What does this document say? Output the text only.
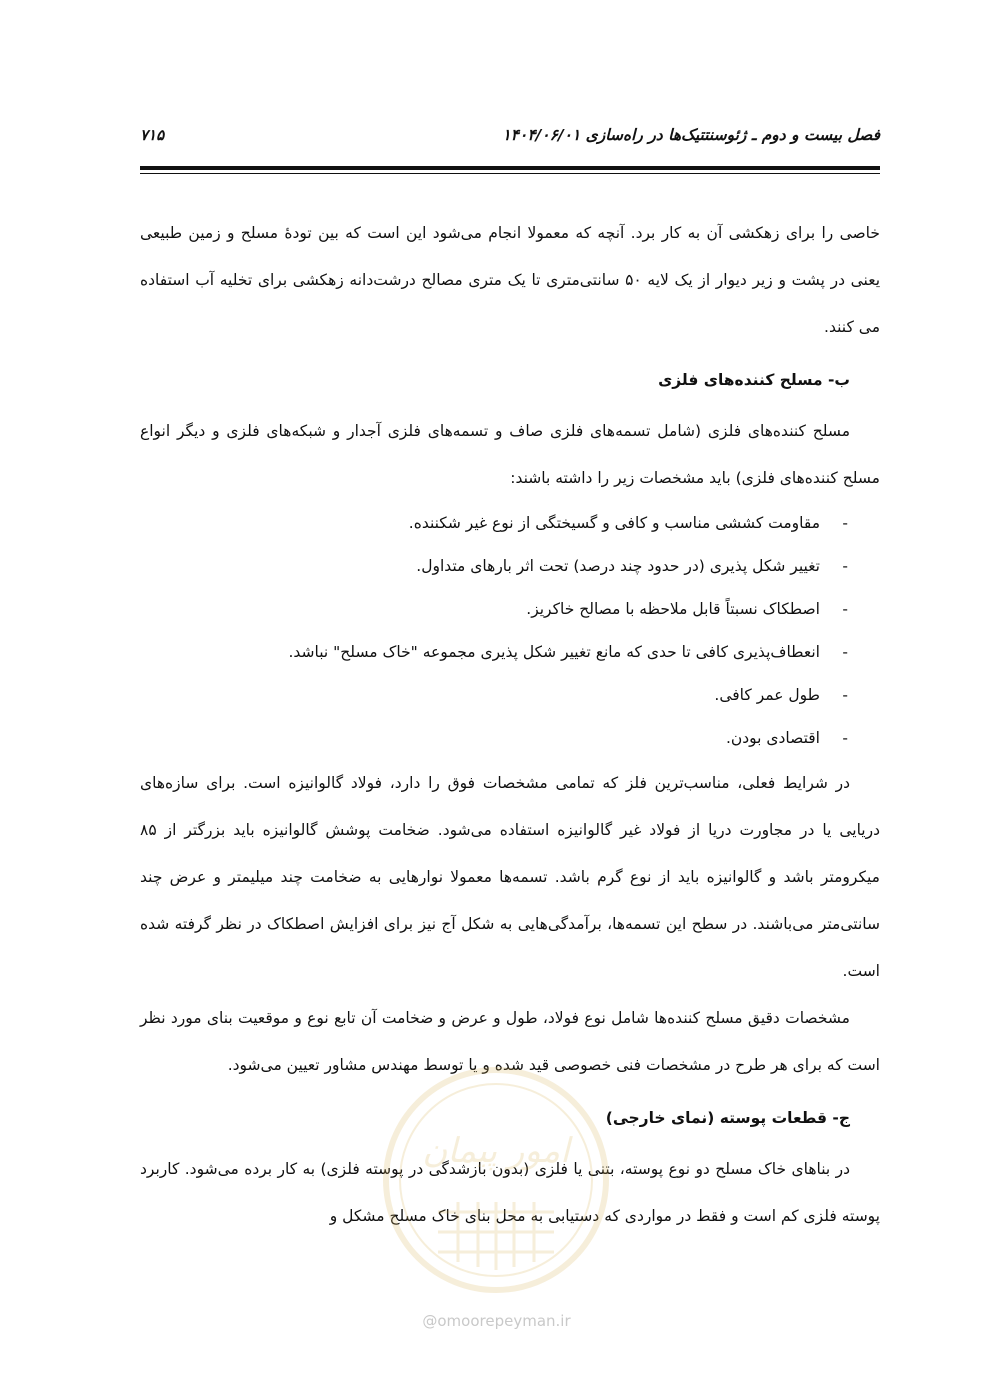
فصل بیست و دوم ـ ژئوسنتتیک‌ها در راه‌سازی ۱۴۰۴/۰۶/۰۱
۷۱۵

خاصی را برای زهکشی آن به کار برد. آنچه که معمولا انجام می‌شود این است که بین تودهٔ مسلح و زمین طبیعی یعنی در پشت و زیر دیوار از یک لایه ۵۰ سانتی‌متری تا یک متری مصالح درشت‌دانه زهکشی برای تخلیه آب استفاده می کنند.

ب- مسلح کننده‌های فلزی

مسلح کننده‌های فلزی (شامل تسمه‌های فلزی صاف و تسمه‌های فلزی آجدار و شبکه‌های فلزی و دیگر انواع مسلح کننده‌های فلزی) باید مشخصات زیر را داشته باشند:

-
مقاومت کششی مناسب و کافی و گسیختگی از نوع غیر شکننده.
-
تغییر شکل پذیری (در حدود چند درصد) تحت اثر بارهای متداول.
-
اصطکاک نسبتاً قابل ملاحظه با مصالح خاکریز.
-
انعطاف‌پذیری کافی تا حدی که مانع تغییر شکل پذیری مجموعه "خاک مسلح" نباشد.
-
طول عمر کافی.
-
اقتصادی بودن.

در شرایط فعلی، مناسب‌ترین فلز که تمامی مشخصات فوق را دارد، فولاد گالوانیزه است. برای سازه‌های دریایی یا در مجاورت دریا از فولاد غیر گالوانیزه استفاده می‌شود. ضخامت پوشش گالوانیزه باید بزرگتر از ۸۵ میکرومتر باشد و گالوانیزه باید از نوع گرم باشد. تسمه‌ها معمولا نوارهایی به ضخامت چند میلیمتر و عرض چند سانتی‌متر می‌باشند. در سطح این تسمه‌ها، برآمدگی‌هایی به شکل آج نیز برای افزایش اصطکاک در نظر گرفته شده است.

مشخصات دقیق مسلح کننده‌ها شامل نوع فولاد، طول و عرض و ضخامت آن تابع نوع و موقعیت بنای مورد نظر است که برای هر طرح در مشخصات فنی خصوصی قید شده و یا توسط مهندس مشاور تعیین می‌شود.

ج- قطعات پوسته (نمای خارجی)

در بناهای خاک مسلح دو نوع پوسته، بتنی یا فلزی (بدون بازشدگی در پوسته فلزی) به کار برده می‌شود. کاربرد پوسته فلزی کم است و فقط در مواردی که دستیابی به محل بنای خاک مسلح مشکل و

امور پیمان
@omoorepeyman.ir
